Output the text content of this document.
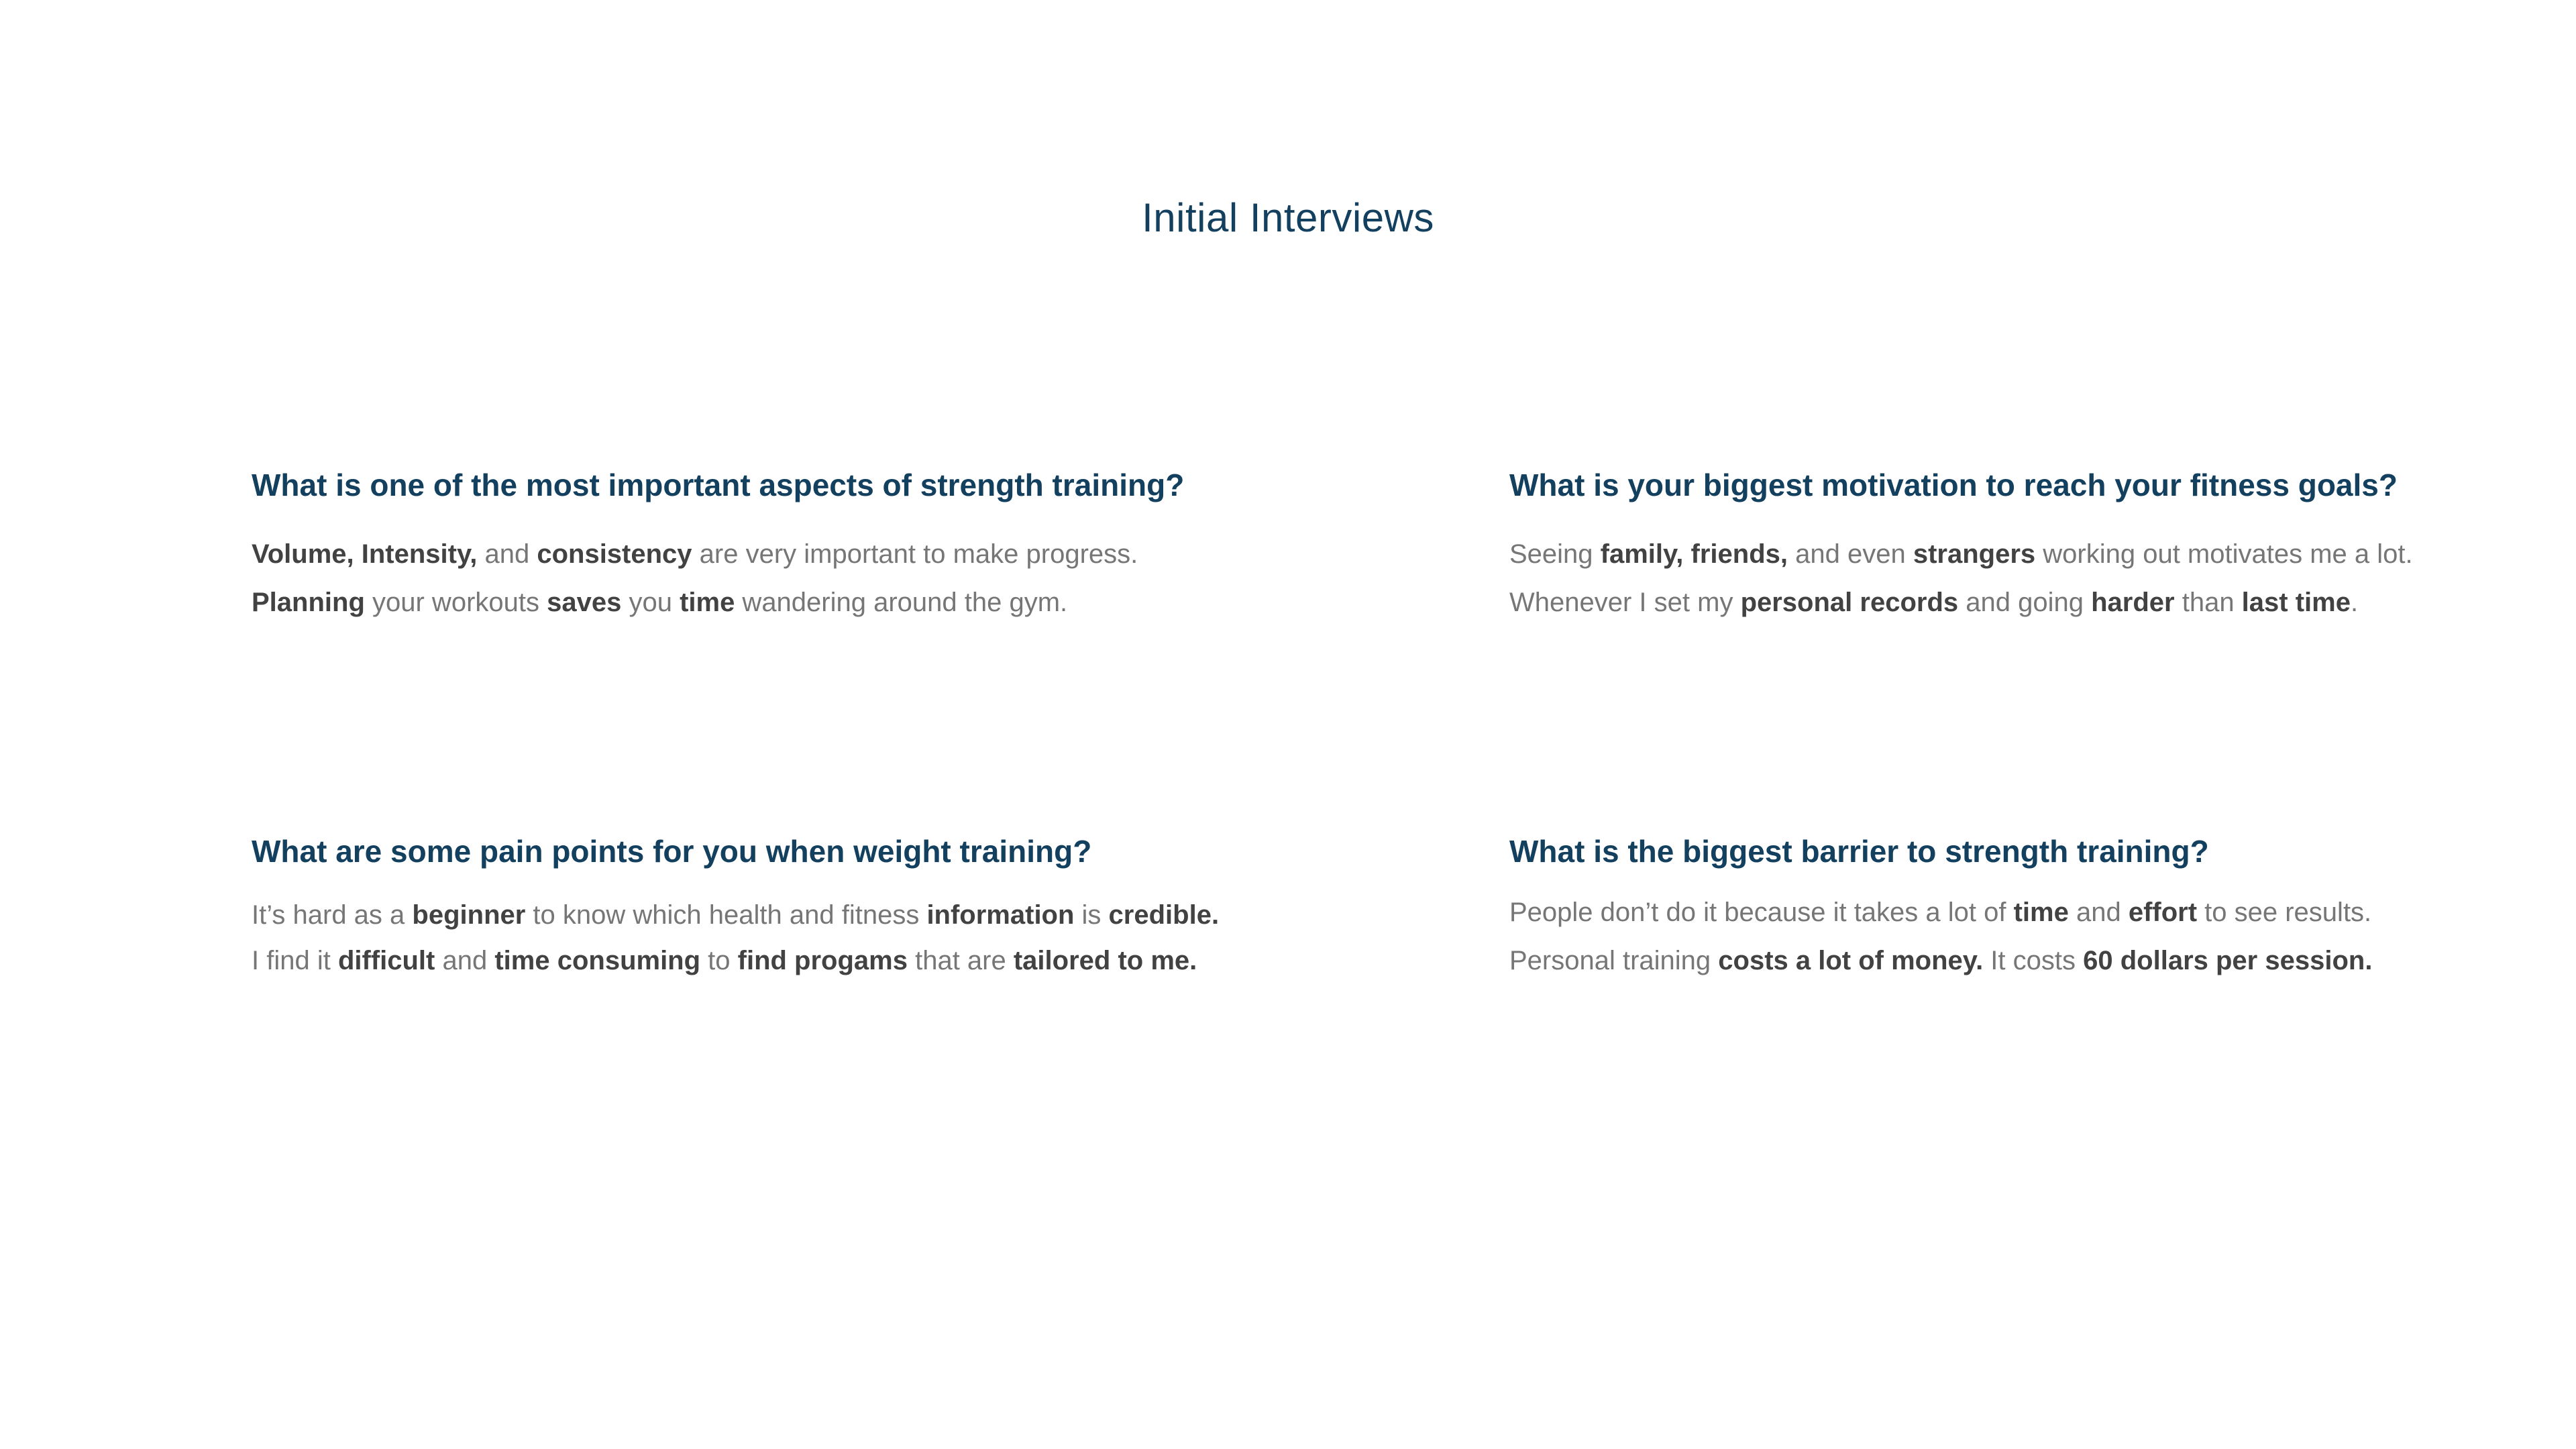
Initial Interviews
What is one of the most important aspects of strength training?

Volume, Intensity, and consistency are very important to make progress.

Planning your workouts saves you time wandering around the gym.

What is your biggest motivation to reach your fitness goals?

Seeing family, friends, and even strangers working out motivates me a lot.

Whenever I set my personal records and going harder than last time.

What are some pain points for you when weight training?

It’s hard as a beginner to know which health and fitness information is credible.

I find it difficult and time consuming to find progams that are tailored to me.

What is the biggest barrier to strength training?

People don’t do it because it takes a lot of time and effort to see results.

Personal training costs a lot of money. It costs 60 dollars per session.
